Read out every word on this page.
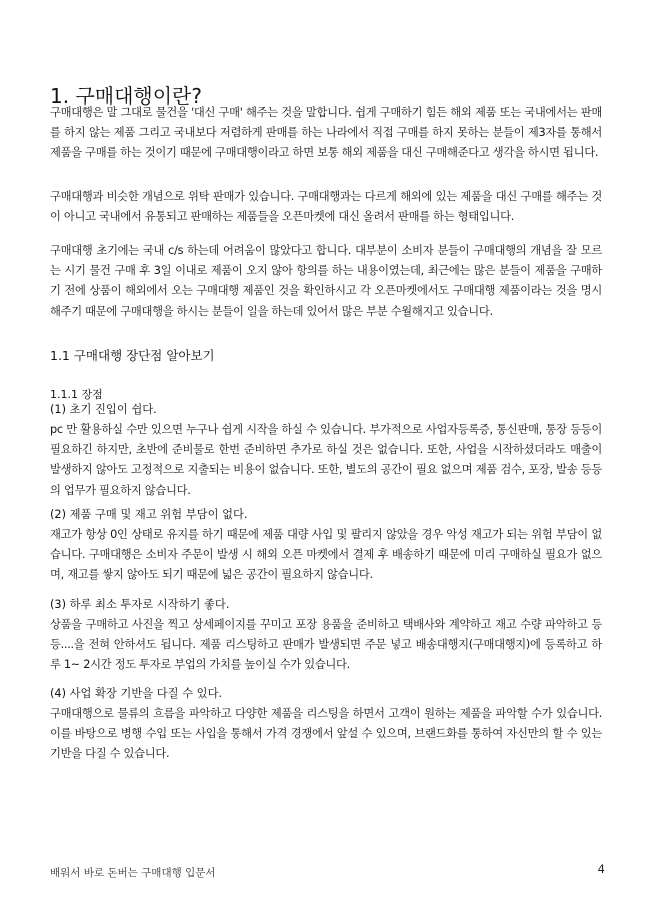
1. 구매대행이란?

구매대행은 말 그대로 물건을 '대신 구매' 해주는 것을 말합니다. 쉽게 구매하기 힘든 해외 제품 또는 국내에서는 판매를 하지 않는 제품 그리고 국내보다 저렴하게 판매를 하는 나라에서 직접 구매를 하지 못하는 분들이 제3자를 통해서 제품을 구매를 하는 것이기 때문에 구매대행이라고 하면 보통 해외 제품을 대신 구매해준다고 생각을 하시면 됩니다.

구매대행과 비슷한 개념으로 위탁 판매가 있습니다. 구매대행과는 다르게 해외에 있는 제품을 대신 구매를 해주는 것이 아니고 국내에서 유통되고 판매하는 제품들을 오픈마켓에 대신 올려서 판매를 하는 형태입니다.

구매대행 초기에는 국내 c/s 하는데 어려움이 많았다고 합니다. 대부분이 소비자 분들이 구매대행의 개념을 잘 모르는 시기 물건 구매 후 3일 이내로 제품이 오지 않아 항의를 하는 내용이였는데, 최근에는 많은 분들이 제품을 구매하기 전에 상품이 해외에서 오는 구매대행 제품인 것을 확인하시고 각 오픈마켓에서도 구매대행 제품이라는 것을 명시해주기 때문에 구매대행을 하시는 분들이 일을 하는데 있어서 많은 부분 수월해지고 있습니다.

1.1 구매대행 장단점 알아보기
1.1.1 장점

(1) 초기 진입이 쉽다.

pc 만 활용하실 수만 있으면 누구나 쉽게 시작을 하실 수 있습니다. 부가적으로 사업자등록증, 통신판매, 통장 등등이 필요하긴 하지만, 초반에 준비물로 한번 준비하면 추가로 하실 것은 없습니다. 또한, 사업을 시작하셨더라도 매출이 발생하지 않아도 고정적으로 지출되는 비용이 없습니다. 또한, 별도의 공간이 필요 없으며 제품 검수, 포장, 발송 등등의 업무가 필요하지 않습니다.

(2) 제품 구매 및 재고 위험 부담이 없다.

재고가 항상 0인 상태로 유지를 하기 때문에 제품 대량 사입 및 팔리지 않았을 경우 악성 재고가 되는 위험 부담이 없습니다. 구매대행은 소비자 주문이 발생 시 해외 오픈 마켓에서 결제 후 배송하기 때문에 미리 구매하실 필요가 없으며, 재고를 쌓지 않아도 되기 때문에 넓은 공간이 필요하지 않습니다.

(3) 하루 최소 투자로 시작하기 좋다.

상품을 구매하고 사진을 찍고 상세페이지를 꾸미고 포장 용품을 준비하고 택배사와 계약하고 재고 수량 파악하고 등등....을 전혀 안하셔도 됩니다. 제품 리스팅하고 판매가 발생되면 주문 넣고 배송대행지(구매대행지)에 등록하고 하루 1~ 2시간 정도 투자로 부업의 가치를 높이실 수가 있습니다.

(4) 사업 확장 기반을 다질 수 있다.

구매대행으로 물류의 흐름을 파악하고 다양한 제품을 리스팅을 하면서 고객이 원하는 제품을 파악할 수가 있습니다. 이를 바탕으로 병행 수입 또는 사입을 통해서 가격 경쟁에서 앞설 수 있으며, 브랜드화를 통하여 자신만의 할 수 있는 기반을 다질 수 있습니다.

배워서 바로 돈버는 구매대행 입문서	4
